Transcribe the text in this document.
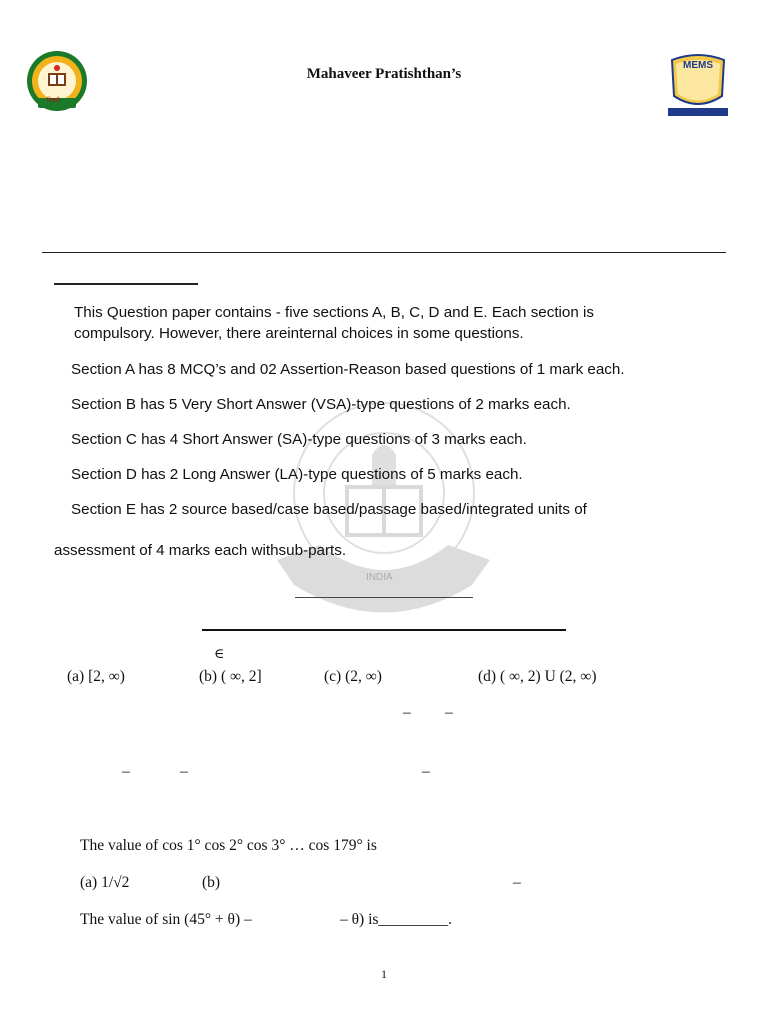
दिल्ली
Mahaveer Pratishthan’s
MEMS
INDIA
This Question paper contains - five sections A, B, C, D and E. Each section is
compulsory. However, there areinternal choices in some questions.
Section A has 8 MCQ’s and 02 Assertion-Reason based questions of 1 mark each.
Section B has 5 Very Short Answer (VSA)-type questions of 2 marks each.
Section C has 4 Short Answer (SA)-type questions of 3 marks each.
Section D has 2 Long Answer (LA)-type questions of 5 marks each.
Section E has 2 source based/case based/passage based/integrated units of
assessment of 4 marks each withsub-parts.
∈
(a) [2, ∞)	(b) ( ∞, 2]	(c) (2, ∞)	(d) ( ∞, 2) U (2, ∞)
– –
–	–	–
The value of cos 1° cos 2° cos 3° … cos 179° is
(a) 1/√2	(b)	–
The value of sin (45° + θ) –	– θ) is_________.
1
